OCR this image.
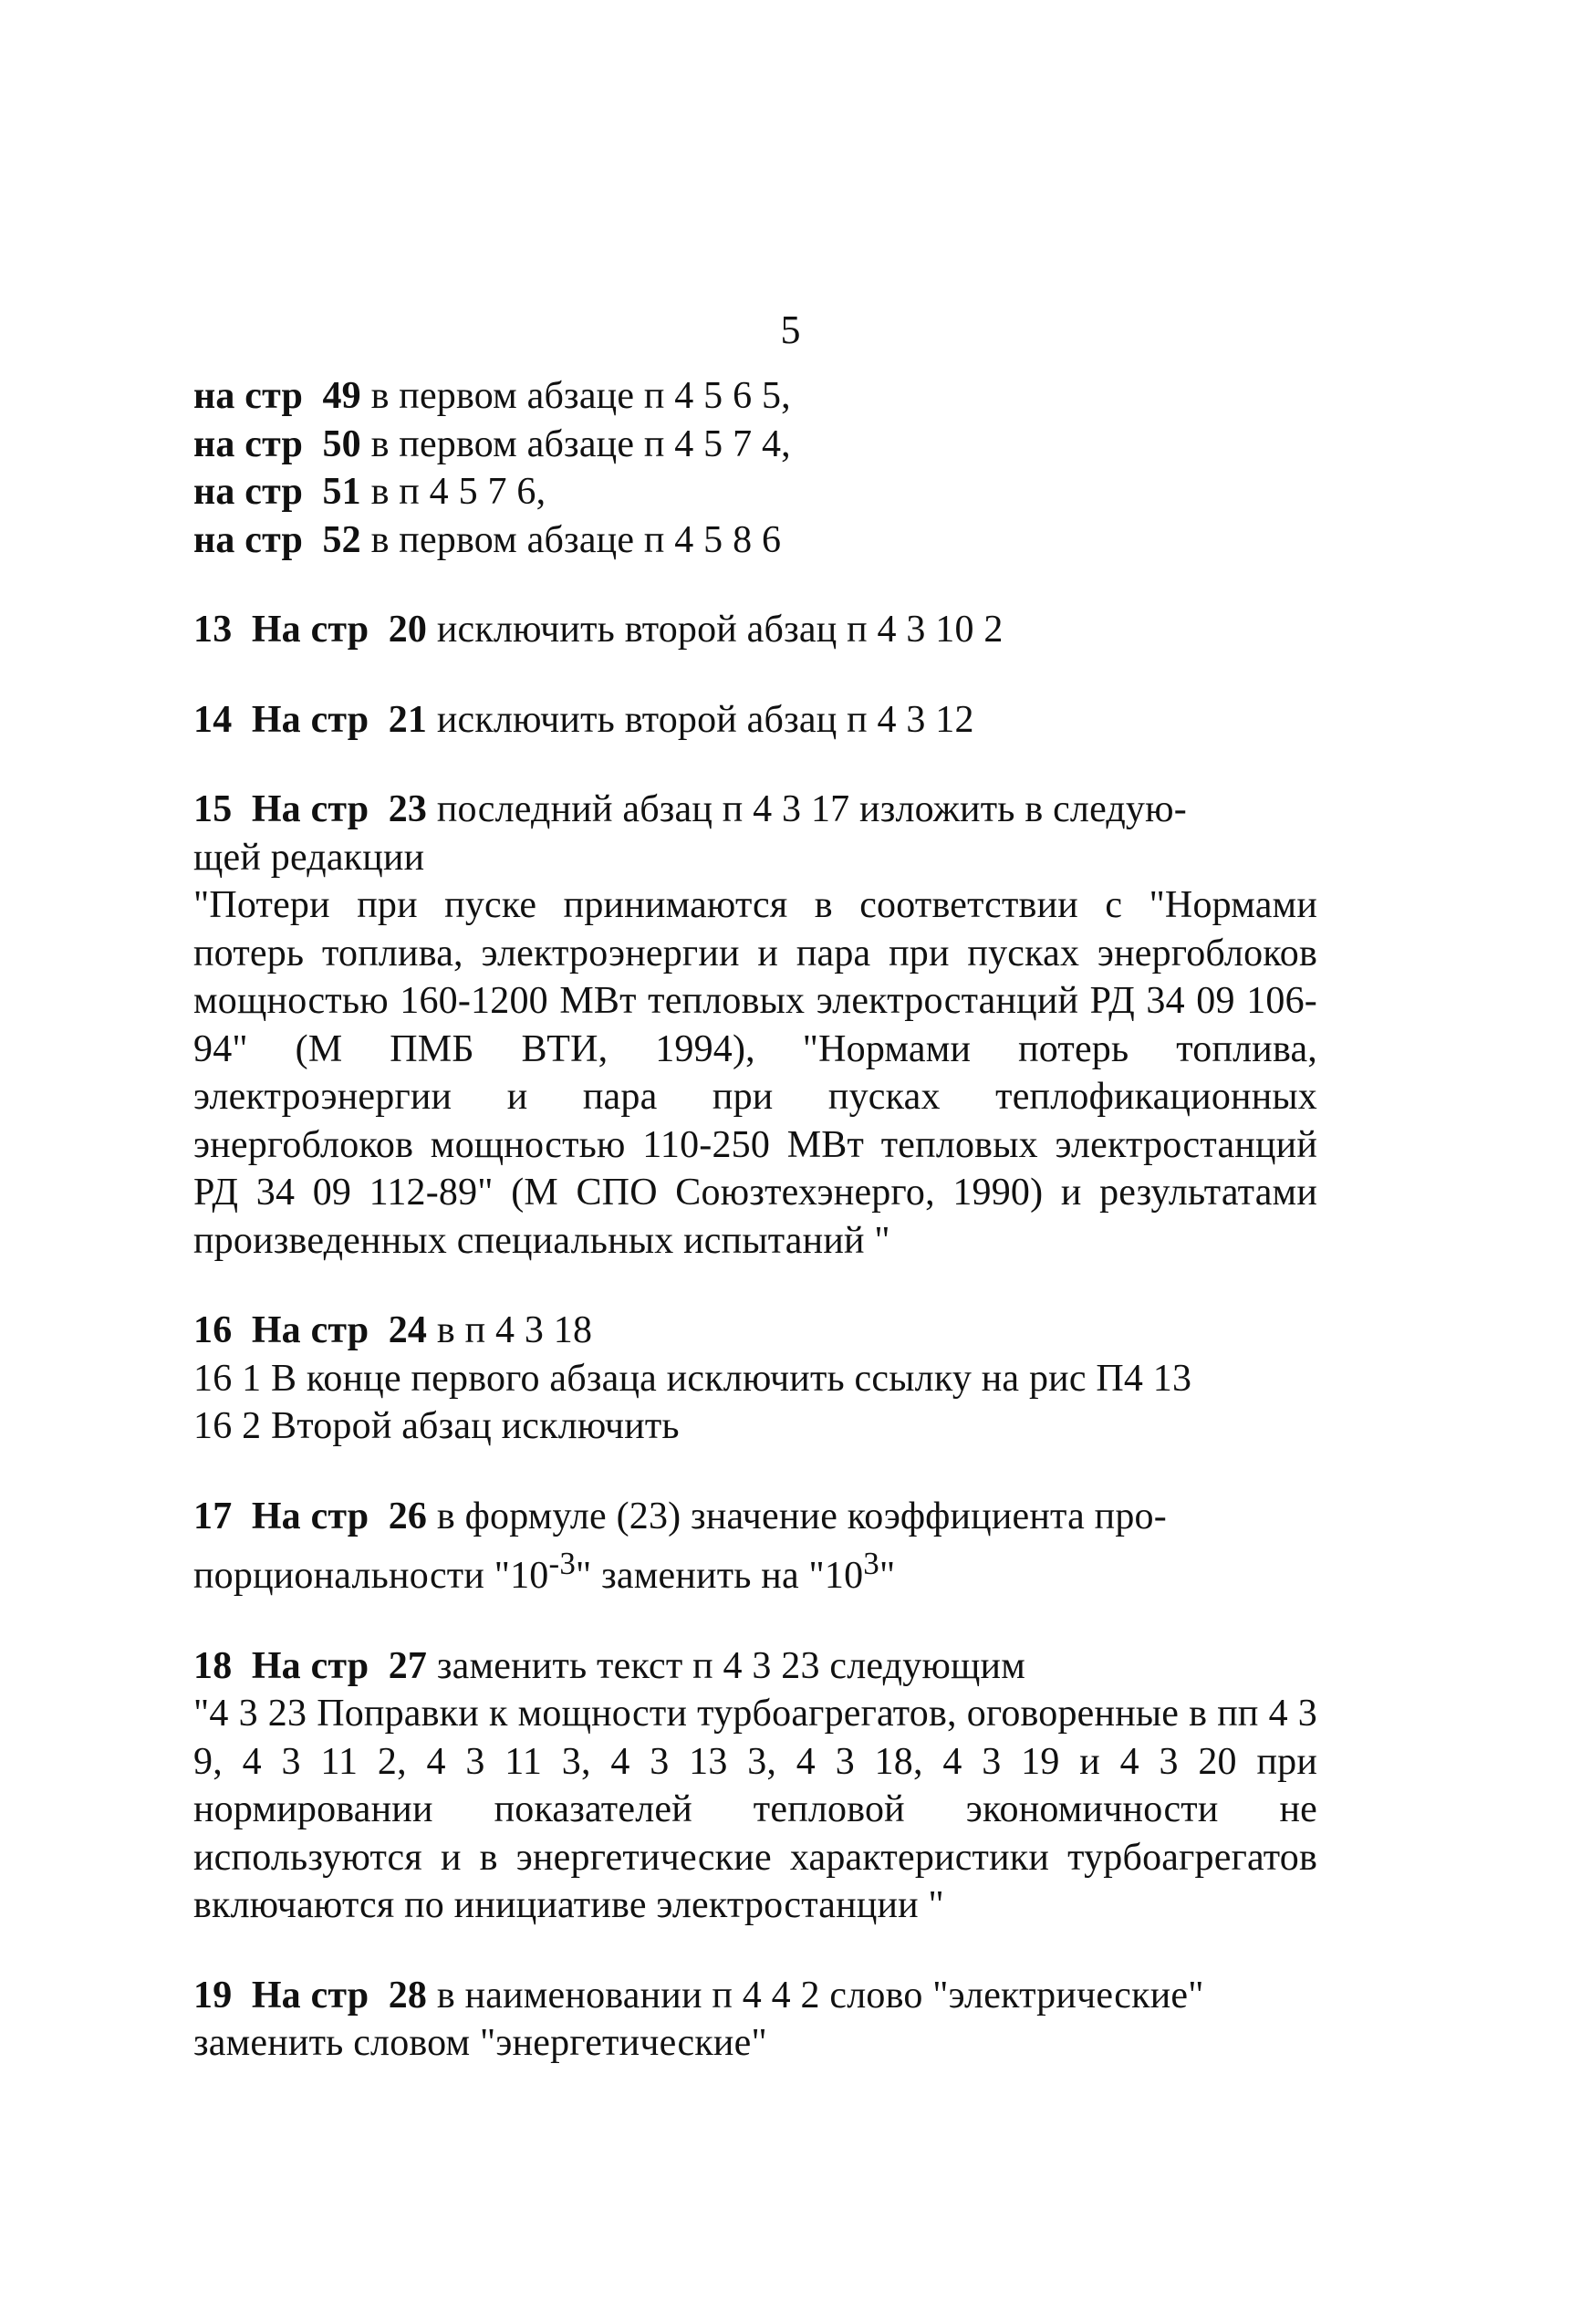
5

на стр 49 в первом абзаце п 4 5 6 5,

на стр 50 в первом абзаце п 4 5 7 4,

на стр 51 в п 4 5 7 6,

на стр 52 в первом абзаце п 4 5 8 6

13 На стр 20 исключить второй абзац п 4 3 10 2

14 На стр 21 исключить второй абзац п 4 3 12

15 На стр 23 последний абзац п 4 3 17 изложить в следую-

щей редакции

"Потери при пуске принимаются в соответствии с "Нормами потерь топлива, электроэнергии и пара при пусках энергоблоков мощностью 160-1200 МВт тепловых электростанций РД 34 09 106-94" (М ПМБ ВТИ, 1994), "Нормами потерь топлива, электроэнергии и пара при пусках теплофикационных энергоблоков мощностью 110-250 МВт тепловых электростанций РД 34 09 112-89" (М СПО Союзтехэнерго, 1990) и результатами произведенных специальных испытаний "

16 На стр 24 в п 4 3 18

16 1 В конце первого абзаца исключить ссылку на рис П4 13

16 2 Второй абзац исключить

17 На стр 26 в формуле (23) значение коэффициента про-

порциональности "$10^{-3}$" заменить на "$10^3$"

18 На стр 27 заменить текст п 4 3 23 следующим

"4 3 23 Поправки к мощности турбоагрегатов, оговоренные в пп 4 3 9, 4 3 11 2, 4 3 11 3, 4 3 13 3, 4 3 18, 4 3 19 и 4 3 20 при нормировании показателей тепловой экономичности не используются и в энергетические характеристики турбоагрегатов включаются по инициативе электростанции "

19 На стр 28 в наименовании п 4 4 2 слово "электрические"

заменить словом "энергетические"
